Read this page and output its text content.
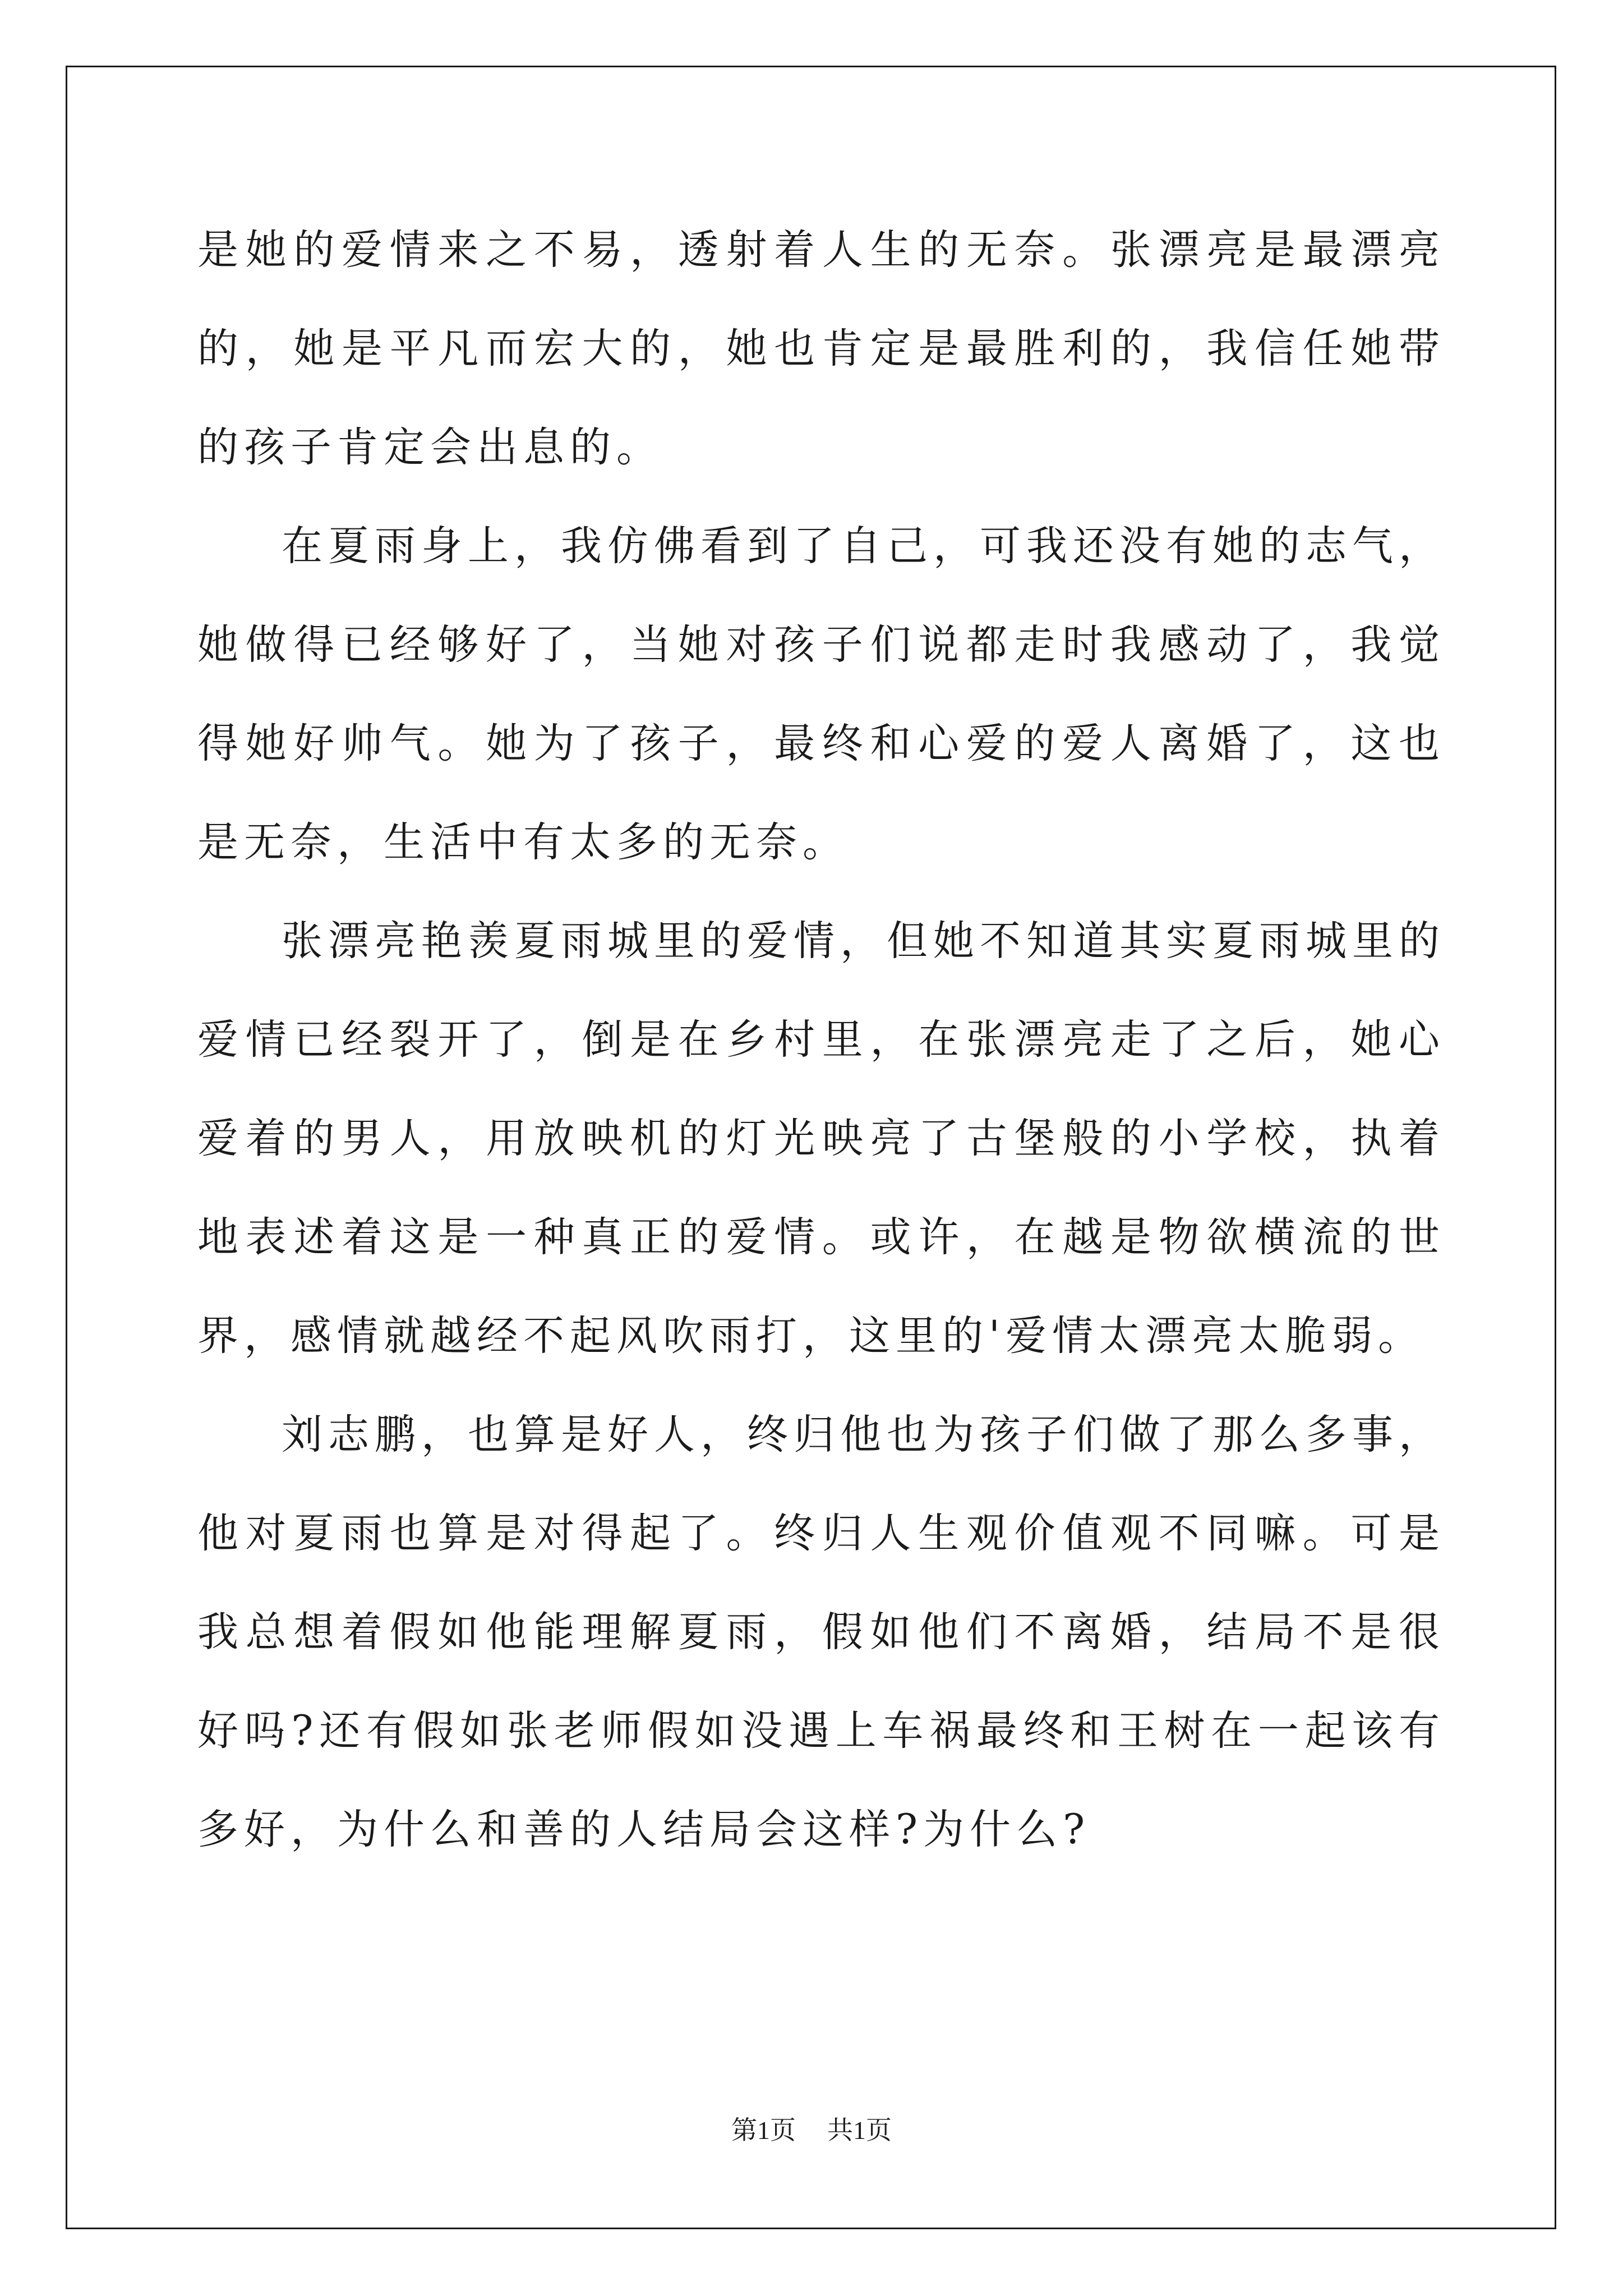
是她的爱情来之不易，透射着人生的无奈。张漂亮是最漂亮的，她是平凡而宏大的，她也肯定是最胜利的，我信任她带的孩子肯定会出息的。

在夏雨身上，我仿佛看到了自己，可我还没有她的志气，她做得已经够好了，当她对孩子们说都走时我感动了，我觉得她好帅气。她为了孩子，最终和心爱的爱人离婚了，这也是无奈，生活中有太多的无奈。

张漂亮艳羡夏雨城里的爱情，但她不知道其实夏雨城里的爱情已经裂开了，倒是在乡村里，在张漂亮走了之后，她心爱着的男人，用放映机的灯光映亮了古堡般的小学校，执着地表述着这是一种真正的爱情。或许，在越是物欲横流的世界，感情就越经不起风吹雨打，这里的'爱情太漂亮太脆弱。

刘志鹏，也算是好人，终归他也为孩子们做了那么多事，他对夏雨也算是对得起了。终归人生观价值观不同嘛。可是我总想着假如他能理解夏雨，假如他们不离婚，结局不是很好吗?还有假如张老师假如没遇上车祸最终和王树在一起该有多好，为什么和善的人结局会这样?为什么?

第1页 共1页
